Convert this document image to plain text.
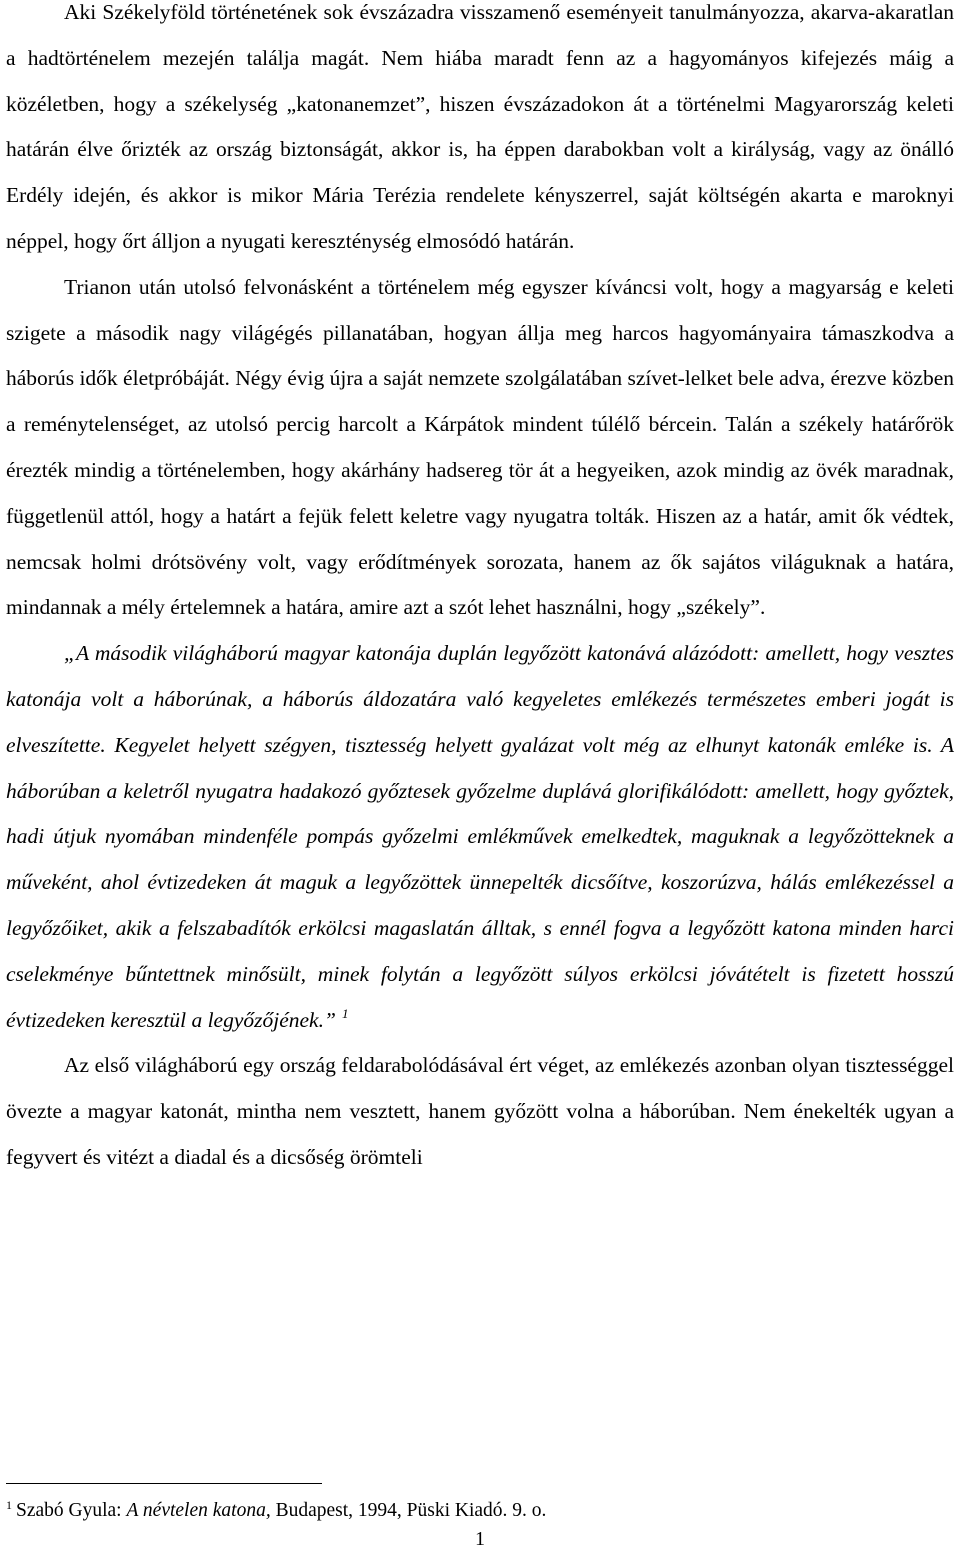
Aki Székelyföld történetének sok évszázadra visszamenő eseményeit tanulmányozza, akarva-akaratlan a hadtörténelem mezején találja magát. Nem hiába maradt fenn az a hagyományos kifejezés máig a közéletben, hogy a székelység „katonanemzet”, hiszen évszázadokon át a történelmi Magyarország keleti határán élve őrizték az ország biztonságát, akkor is, ha éppen darabokban volt a királyság, vagy az önálló Erdély idején, és akkor is mikor Mária Terézia rendelete kényszerrel, saját költségén akarta e maroknyi néppel, hogy őrt álljon a nyugati kereszténység elmosódó határán.

Trianon után utolsó felvonásként a történelem még egyszer kíváncsi volt, hogy a magyarság e keleti szigete a második nagy világégés pillanatában, hogyan állja meg harcos hagyományaira támaszkodva a háborús idők életpróbáját. Négy évig újra a saját nemzete szolgálatában szívet-lelket bele adva, érezve közben a reménytelenséget, az utolsó percig harcolt a Kárpátok mindent túlélő bércein. Talán a székely határőrök érezték mindig a történelemben, hogy akárhány hadsereg tör át a hegyeiken, azok mindig az övék maradnak, függetlenül attól, hogy a határt a fejük felett keletre vagy nyugatra tolták. Hiszen az a határ, amit ők védtek, nemcsak holmi drótsövény volt, vagy erődítmények sorozata, hanem az ők sajátos világuknak a határa, mindannak a mély értelemnek a határa, amire azt a szót lehet használni, hogy „székely”.

„A második világháború magyar katonája duplán legyőzött katonává alázódott: amellett, hogy vesztes katonája volt a háborúnak, a háborús áldozatára való kegyeletes emlékezés természetes emberi jogát is elveszítette. Kegyelet helyett szégyen, tisztesség helyett gyalázat volt még az elhunyt katonák emléke is. A háborúban a keletről nyugatra hadakozó győztesek győzelme duplává glorifikálódott: amellett, hogy győztek, hadi útjuk nyomában mindenféle pompás győzelmi emlékművek emelkedtek, maguknak a legyőzötteknek a műveként, ahol évtizedeken át maguk a legyőzöttek ünnepelték dicsőítve, koszorúzva, hálás emlékezéssel a legyőzőiket, akik a felszabadítók erkölcsi magaslatán álltak, s ennél fogva a legyőzött katona minden harci cselekménye bűntettnek minősült, minek folytán a legyőzött súlyos erkölcsi jóvátételt is fizetett hosszú évtizedeken keresztül a legyőzőjének.” $^1$

Az első világháború egy ország feldarabolódásával ért véget, az emlékezés azonban olyan tisztességgel övezte a magyar katonát, mintha nem vesztett, hanem győzött volna a háborúban. Nem énekelték ugyan a fegyvert és vitézt a diadal és a dicsőség örömteli

$^1$ Szabó Gyula: A névtelen katona, Budapest, 1994, Püski Kiadó. 9. o.
1
